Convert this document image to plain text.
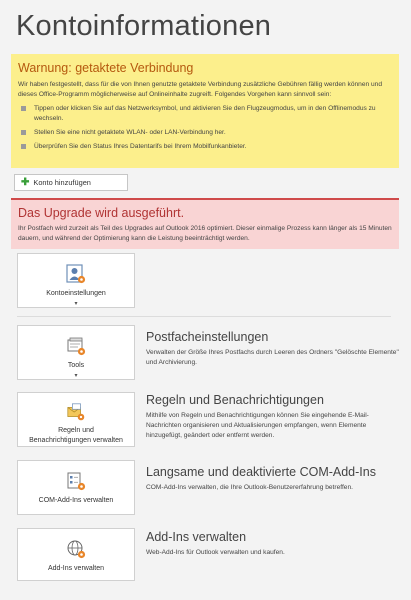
Kontoinformationen
Warnung: getaktete Verbindung

Wir haben festgestellt, dass für die von Ihnen genutzte getaktete Verbindung zusätzliche Gebühren fällig werden können und dieses Office-Programm möglicherweise auf Onlineinhalte zugreift. Folgendes Vorgehen kann sinnvoll sein:

Tippen oder klicken Sie auf das Netzwerksymbol, und aktivieren Sie den Flugzeugmodus, um in den Offlinemodus zu wechseln.
Stellen Sie eine nicht getaktete WLAN- oder LAN-Verbindung her.
Überprüfen Sie den Status Ihres Datentarifs bei Ihrem Mobilfunkanbieter.
✚ Konto hinzufügen
Das Upgrade wird ausgeführt.

Ihr Postfach wird zurzeit als Teil des Upgrades auf Outlook 2016 optimiert. Dieser einmalige Prozess kann länger als 15 Minuten dauern, und während der Optimierung kann die Leistung beeinträchtigt werden.

Kontoeinstellungen
▾
Tools
▾
Postfacheinstellungen

Verwalten der Größe Ihres Postfachs durch Leeren des Ordners "Gelöschte Elemente" und Archivierung.

Regeln und
Benachrichtigungen verwalten
Regeln und Benachrichtigungen

Mithilfe von Regeln und Benachrichtigungen können Sie eingehende E-Mail-Nachrichten organisieren und Aktualisierungen empfangen, wenn Elemente hinzugefügt, geändert oder entfernt werden.

COM-Add-Ins verwalten
Langsame und deaktivierte COM-Add-Ins

COM-Add-Ins verwalten, die Ihre Outlook-Benutzererfahrung betreffen.

Add-Ins verwalten
Add-Ins verwalten

Web-Add-Ins für Outlook verwalten und kaufen.
